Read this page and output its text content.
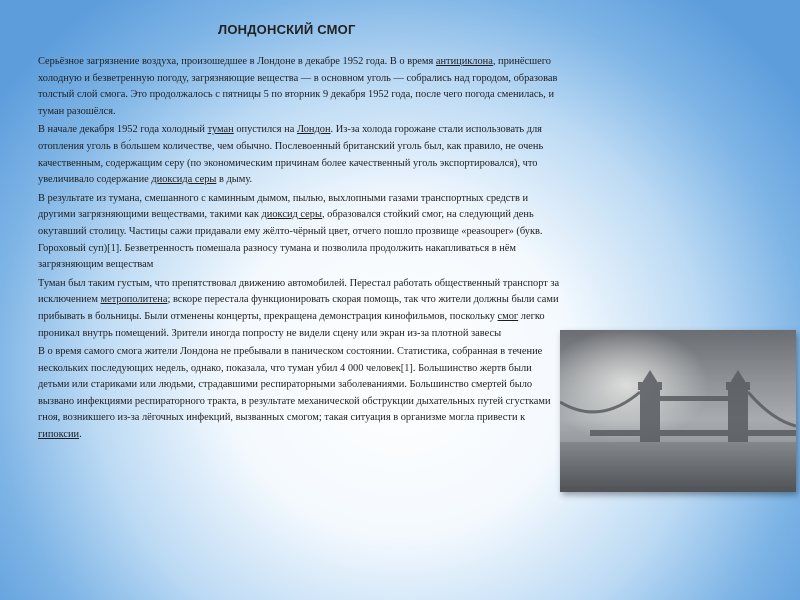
ЛОНДОНСКИЙ СМОГ

Серьёзное загрязнение воздуха, произошедшее в Лондоне в декабре 1952 года. В о время антициклона, принёсшего холодную и безветренную погоду, загрязняющие вещества — в основном уголь — собрались над городом, образовав толстый слой смога. Это продолжалось с пятницы 5 по вторник 9 декабря 1952 года, после чего погода сменилась, и туман разошёлся.

В начале декабря 1952 года холодный туман опустился на Лондон. Из-за холода горожане стали использовать для отопления уголь в бо́льшем количестве, чем обычно. Послевоенный британский уголь был, как правило, не очень качественным, содержащим серу (по экономическим причинам более качественный уголь экспортировался), что увеличивало содержание диоксида серы в дыму.

В результате из тумана, смешанного с каминным дымом, пылью, выхлопными газами транспортных средств и другими загрязняющими веществами, такими как диоксид серы, образовался стойкий смог, на следующий день окутавший столицу. Частицы сажи придавали ему жёлто-чёрный цвет, отчего пошло прозвище «peasouper» (букв. Гороховый суп)[1]. Безветренность помешала разносу тумана и позволила продолжить накапливаться в нём загрязняющим веществам

Туман был таким густым, что препятствовал движению автомобилей. Перестал работать общественный транспорт за исключением метрополитена; вскоре перестала функционировать скорая помощь, так что жители должны были сами прибывать в больницы. Были отменены концерты, прекращена демонстрация кинофильмов, поскольку смог легко проникал внутрь помещений. Зрители иногда попросту не видели сцену или экран из-за плотной завесы

В о время самого смога жители Лондона не пребывали в паническом состоянии. Статистика, собранная в течение нескольких последующих недель, однако, показала, что туман убил 4 000 человек[1]. Большинство жертв были детьми или стариками или людьми, страдавшими респираторными заболеваниями. Большинство смертей было вызвано инфекциями респираторного тракта, в результате механической обструкции дыхательных путей сгустками гноя, возникшего из-за лёгочных инфекций, вызванных смогом; такая ситуация в организме могла привести к гипоксии.
